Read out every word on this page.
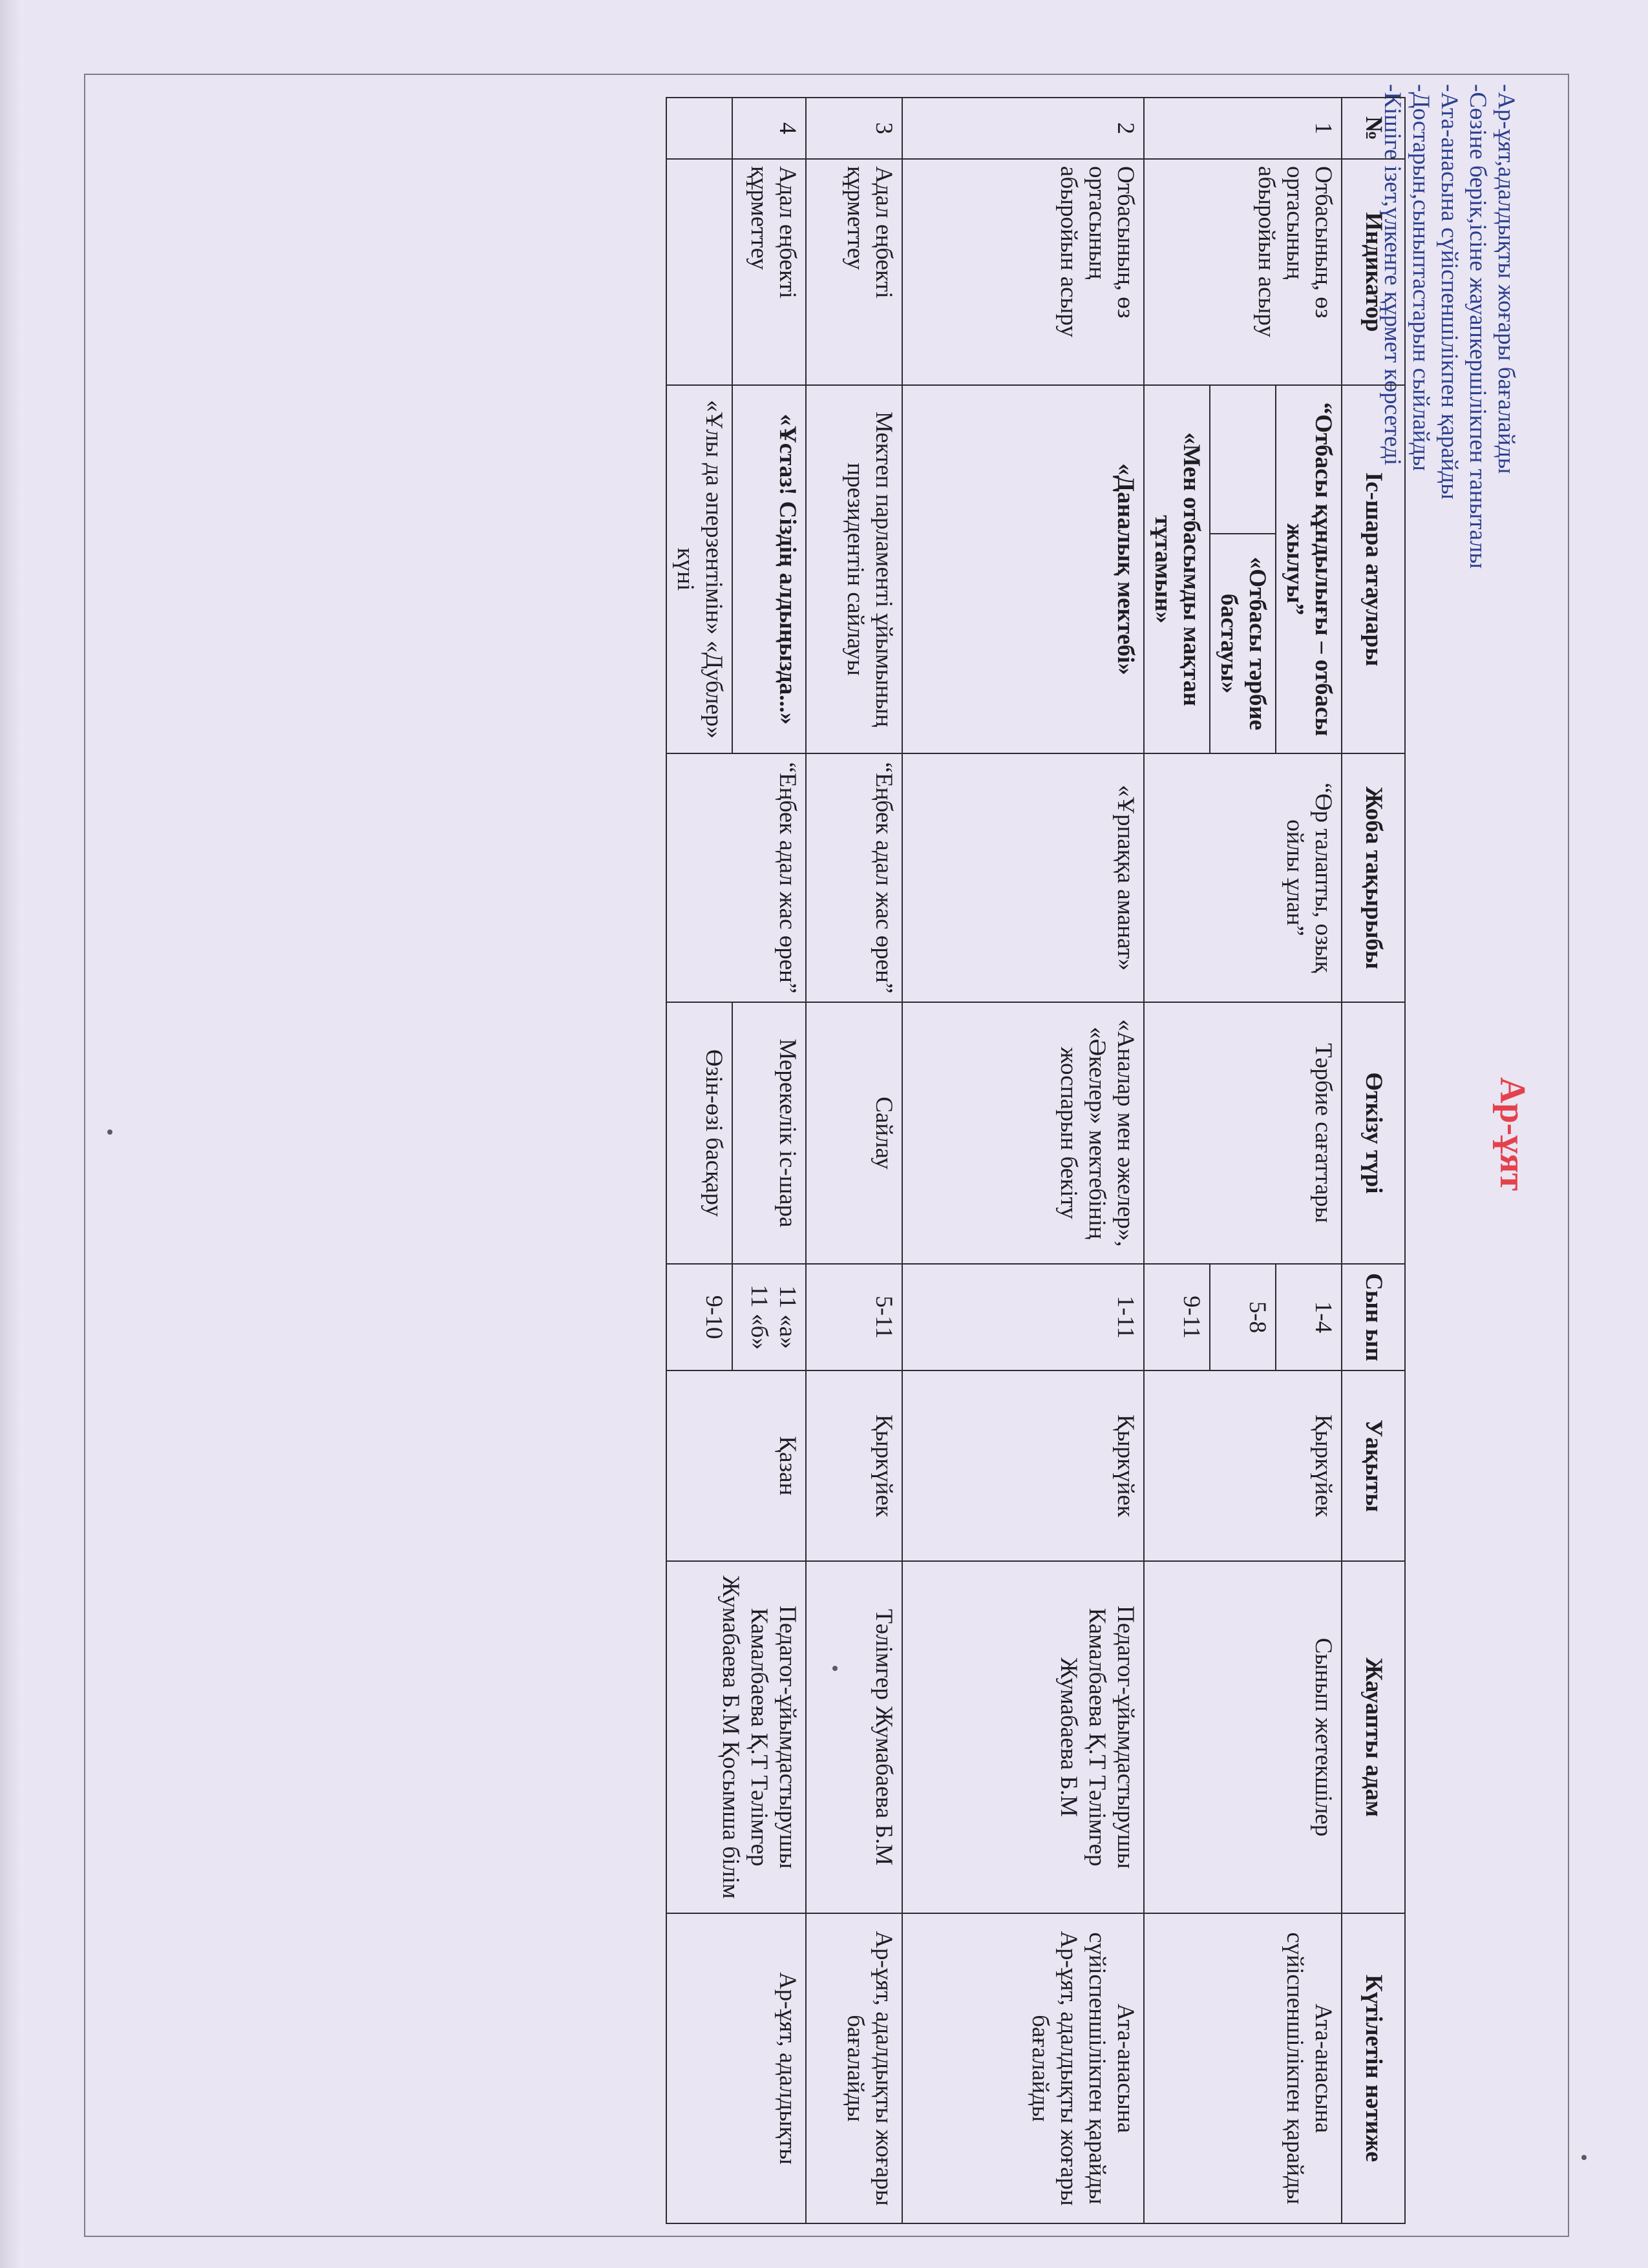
Ар-ұят
-Ар-ұят,адалдықты жоғары бағалайды
-Сөзіне берік,ісіне жауапкершілікпен таныталы
-Ата-анасына сүйіспеншілікпен қарайды
-Достарын,сыныптастарын сыйлайды
-Кішіге ізет,үлкенге құрмет көрсетеді
№	Индикатор	Іс-шара атаулары		Жоба тақырыбы	Өткізу түрі	Сын ып	Уақыты	Жауапты адам	Күтілетін нәтиже
1	Отбасының, өз ортасының абыройын асыру	“Отбасы құндылығы – отбасы жылуы”		“Өр талапты, озық ойлы ұлан”	Тәрбие сағаттары	1-4	Қыркүйек	Сынып жетекшілер	Ата-анасына сүйіспеншілікпен қарайды
			«Отбасы тәрбие бастауы»			5-8			
		«Мен отбасымды мақтан тұтамын»				9-11			
2	Отбасының, өз ортасының абыройын асыру	«Даналық мектебі»		«Ұрпаққа аманат»	«Аналар мен әжелер», «Әкелер» мектебінің жоспарын бекіту	1-11	Қыркүйек	Педагог-ұйымдастырушы Камалбаева Қ.Т Тәлімгер Жумабаева Б.М	Ата-анасына сүйіспеншілікпен қарайды Ар-ұят, адалдықты жоғары бағалайды
3	Адал еңбекті құрметтеу	Мектеп парламенті ұйымының президентін сайлауы		“Еңбек адал жас өрен”	Сайлау	5-11	Қыркүйек	Тәлімгер Жумабаева Б.М	Ар-ұят, адалдықты жоғары бағалайды
4	Адал еңбекті құрметтеу	«Ұстаз! Сіздің алдыңызда...»		“Еңбек адал жас өрен”	Мерекелік іс-шара	11 «а» 11 «б»	Қазан	Педагог-ұйымдастырушы Камалбаева Қ.Т Тәлімгер Жумабаева Б.М Қосымша білім	Ар-ұят, адалдықты
		«Ұлы да әперзентімін» «Дублер» күні			Өзін-өзі басқару	9-10			
